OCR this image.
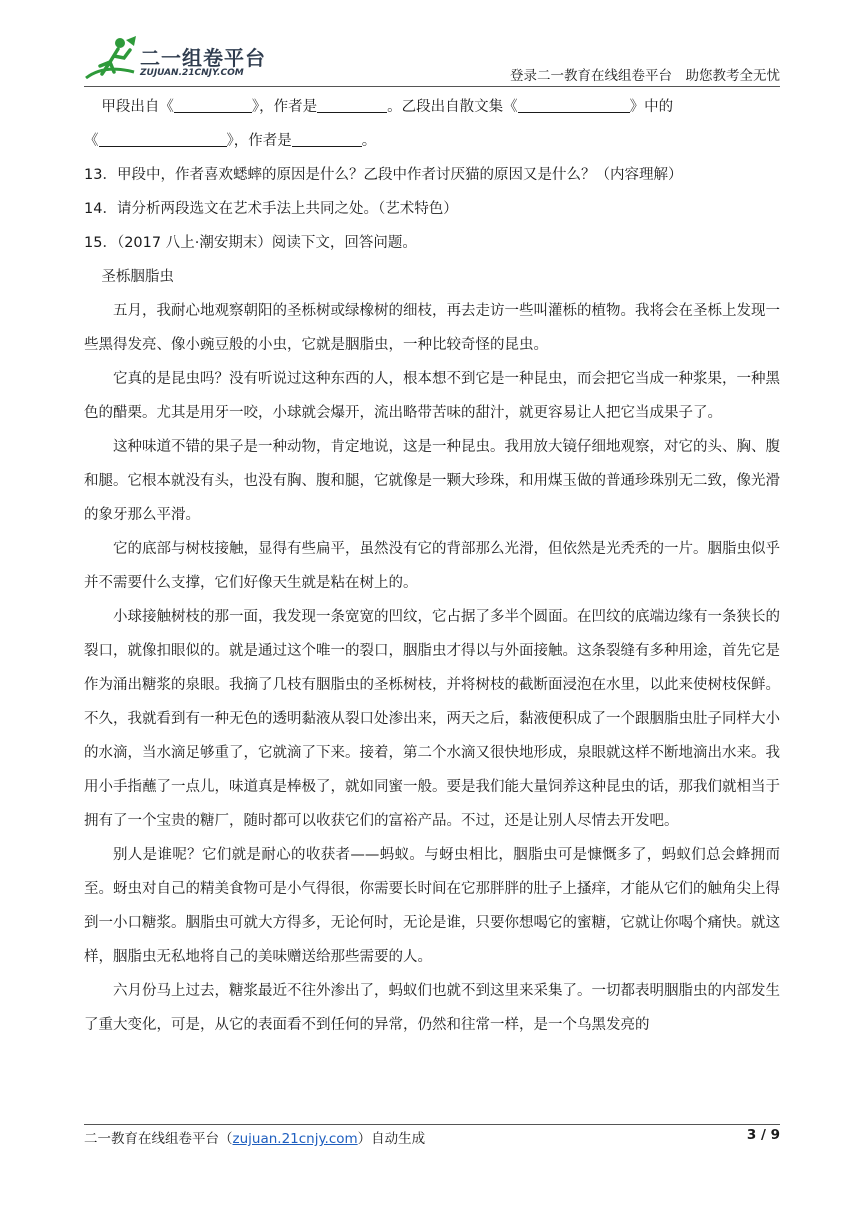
二一组卷平台
ZUJUAN.21CNJY.COM	登录二一教育在线组卷平台　助您教考全无忧
甲段出自《	》，作者是	。乙段出自散文集《	》中的
《	》，作者是	。
13．甲段中，作者喜欢蟋蟀的原因是什么？乙段中作者讨厌猫的原因又是什么？（内容理解）
14．请分析两段选文在艺术手法上共同之处。（艺术特色）
15．（2017 八上·潮安期末）阅读下文，回答问题。
圣栎胭脂虫

五月，我耐心地观察朝阳的圣栎树或绿橡树的细枝，再去走访一些叫灌栎的植物。我将会在圣栎上发现一些黑得发亮、像小豌豆般的小虫，它就是胭脂虫，一种比较奇怪的昆虫。

它真的是昆虫吗？没有听说过这种东西的人，根本想不到它是一种昆虫，而会把它当成一种浆果，一种黑色的醋栗。尤其是用牙一咬，小球就会爆开，流出略带苦味的甜汁，就更容易让人把它当成果子了。

这种味道不错的果子是一种动物，肯定地说，这是一种昆虫。我用放大镜仔细地观察，对它的头、胸、腹和腿。它根本就没有头，也没有胸、腹和腿，它就像是一颗大珍珠，和用煤玉做的普通珍珠别无二致，像光滑的象牙那么平滑。

它的底部与树枝接触，显得有些扁平，虽然没有它的背部那么光滑，但依然是光秃秃的一片。胭脂虫似乎并不需要什么支撑，它们好像天生就是粘在树上的。

小球接触树枝的那一面，我发现一条宽宽的凹纹，它占据了多半个圆面。在凹纹的底端边缘有一条狭长的裂口，就像扣眼似的。就是通过这个唯一的裂口，胭脂虫才得以与外面接触。这条裂缝有多种用途，首先它是作为涌出糖浆的泉眼。我摘了几枝有胭脂虫的圣栎树枝，并将树枝的截断面浸泡在水里，以此来使树枝保鲜。不久，我就看到有一种无色的透明黏液从裂口处渗出来，两天之后，黏液便积成了一个跟胭脂虫肚子同样大小的水滴，当水滴足够重了，它就滴了下来。接着，第二个水滴又很快地形成，泉眼就这样不断地滴出水来。我用小手指蘸了一点儿，味道真是棒极了，就如同蜜一般。要是我们能大量饲养这种昆虫的话，那我们就相当于拥有了一个宝贵的糖厂，随时都可以收获它们的富裕产品。不过，还是让别人尽情去开发吧。

别人是谁呢？它们就是耐心的收获者——蚂蚁。与蚜虫相比，胭脂虫可是慷慨多了，蚂蚁们总会蜂拥而至。蚜虫对自己的精美食物可是小气得很，你需要长时间在它那胖胖的肚子上搔痒，才能从它们的触角尖上得到一小口糖浆。胭脂虫可就大方得多，无论何时，无论是谁，只要你想喝它的蜜糖，它就让你喝个痛快。就这样，胭脂虫无私地将自己的美味赠送给那些需要的人。

六月份马上过去，糖浆最近不往外渗出了，蚂蚁们也就不到这里来采集了。一切都表明胭脂虫的内部发生了重大变化，可是，从它的表面看不到任何的异常，仍然和往常一样，是一个乌黑发亮的

二一教育在线组卷平台（zujuan.21cnjy.com）自动生成	3 / 9
